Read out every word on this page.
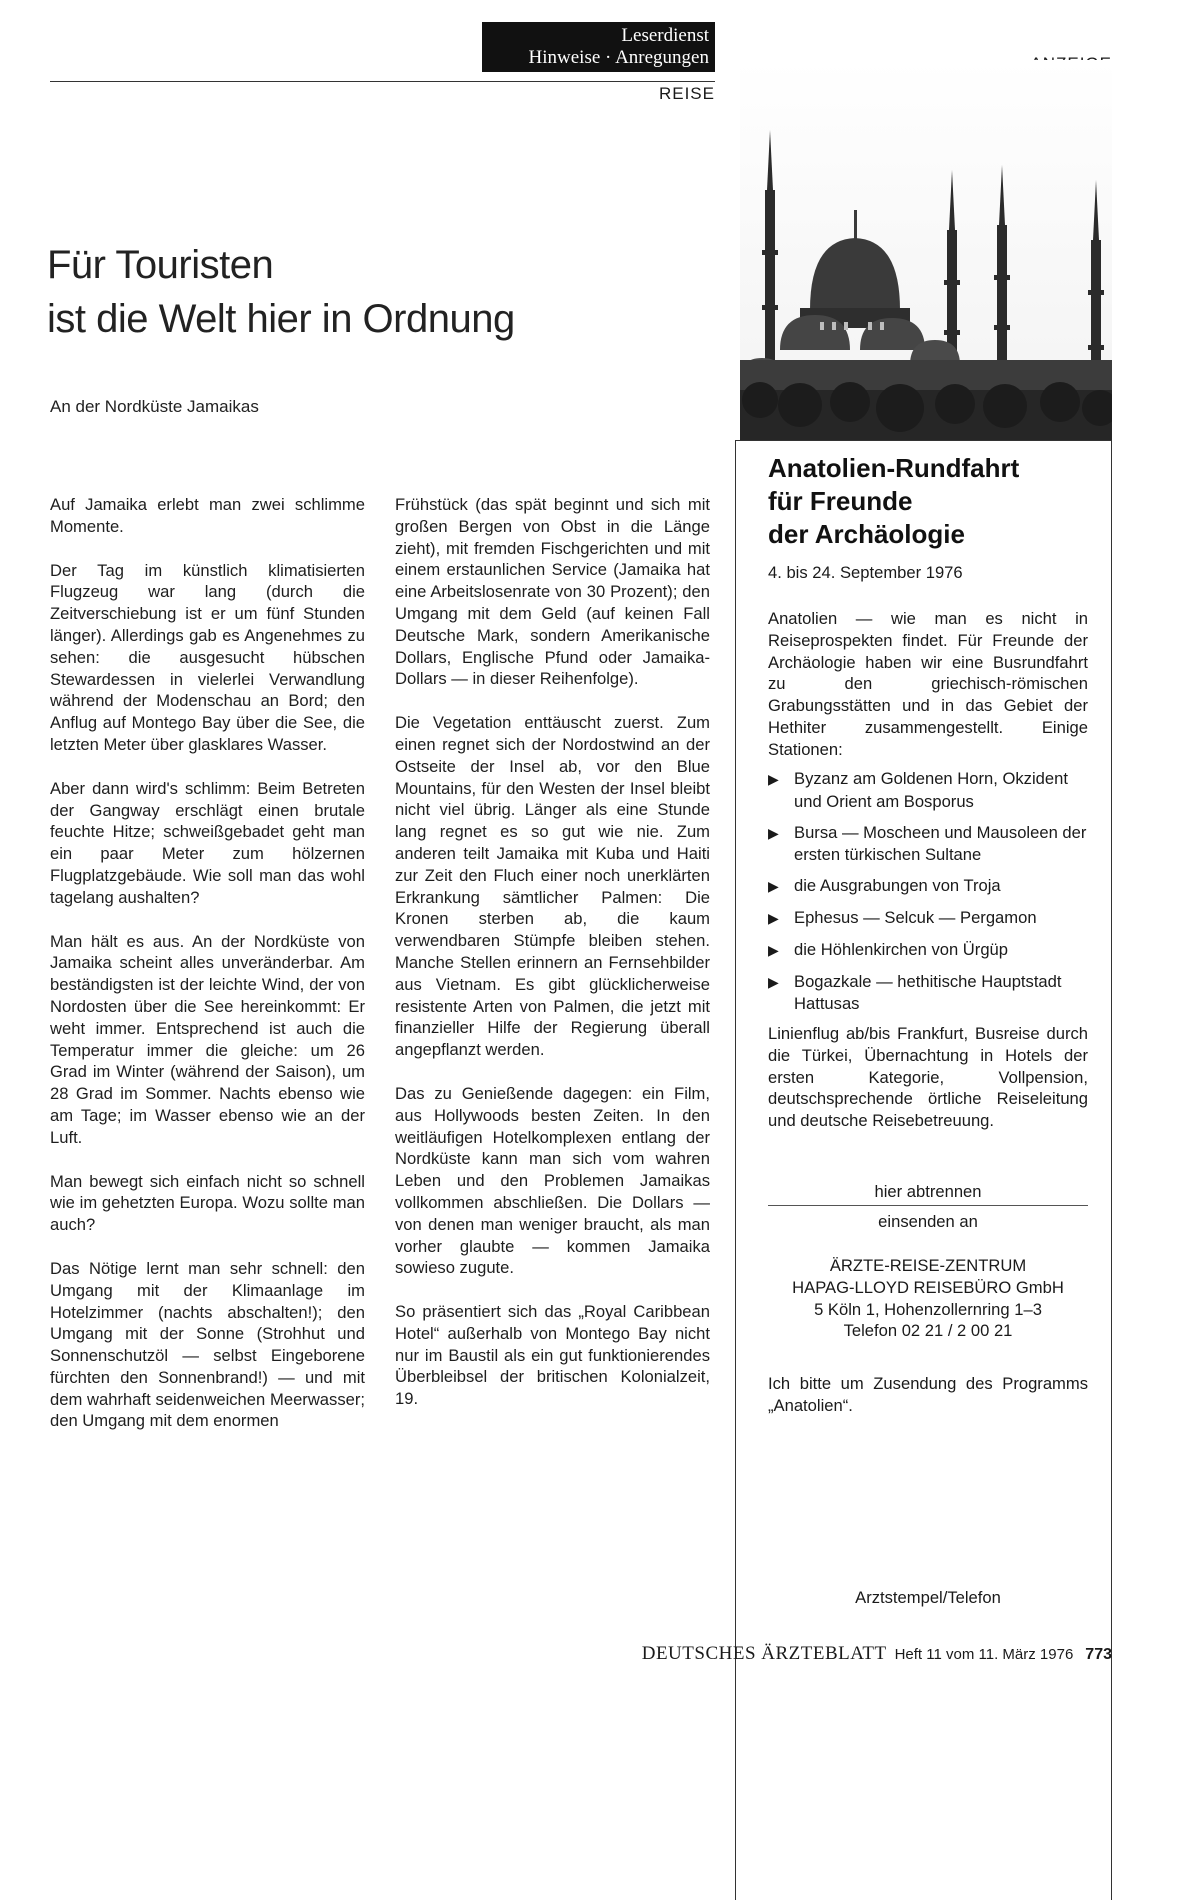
Leserdienst
Hinweise · Anregungen
REISE
Für Touristen
ist die Welt hier in Ordnung
An der Nordküste Jamaikas

Auf Jamaika erlebt man zwei schlimme Momente.

Der Tag im künstlich klimatisierten Flugzeug war lang (durch die Zeitverschiebung ist er um fünf Stunden länger). Allerdings gab es Angenehmes zu sehen: die ausgesucht hübschen Stewardessen in vielerlei Verwandlung während der Modenschau an Bord; den Anflug auf Montego Bay über die See, die letzten Meter über glasklares Wasser.

Aber dann wird's schlimm: Beim Betreten der Gangway erschlägt einen brutale feuchte Hitze; schweißgebadet geht man ein paar Meter zum hölzernen Flugplatzgebäude. Wie soll man das wohl tagelang aushalten?

Man hält es aus. An der Nordküste von Jamaika scheint alles unveränderbar. Am beständigsten ist der leichte Wind, der von Nordosten über die See hereinkommt: Er weht immer. Entsprechend ist auch die Temperatur immer die gleiche: um 26 Grad im Winter (während der Saison), um 28 Grad im Sommer. Nachts ebenso wie am Tage; im Wasser ebenso wie an der Luft.

Man bewegt sich einfach nicht so schnell wie im gehetzten Europa. Wozu sollte man auch?

Das Nötige lernt man sehr schnell: den Umgang mit der Klimaanlage im Hotelzimmer (nachts abschalten!); den Umgang mit der Sonne (Strohhut und Sonnenschutzöl — selbst Eingeborene fürchten den Sonnenbrand!) — und mit dem wahrhaft seidenweichen Meerwasser; den Umgang mit dem enormen

Frühstück (das spät beginnt und sich mit großen Bergen von Obst in die Länge zieht), mit fremden Fischgerichten und mit einem erstaunlichen Service (Jamaika hat eine Arbeitslosenrate von 30 Prozent); den Umgang mit dem Geld (auf keinen Fall Deutsche Mark, sondern Amerikanische Dollars, Englische Pfund oder Jamaika-Dollars — in dieser Reihenfolge).

Die Vegetation enttäuscht zuerst. Zum einen regnet sich der Nordostwind an der Ostseite der Insel ab, vor den Blue Mountains, für den Westen der Insel bleibt nicht viel übrig. Länger als eine Stunde lang regnet es so gut wie nie. Zum anderen teilt Jamaika mit Kuba und Haiti zur Zeit den Fluch einer noch unerklärten Erkrankung sämtlicher Palmen: Die Kronen sterben ab, die kaum verwendbaren Stümpfe bleiben stehen. Manche Stellen erinnern an Fernsehbilder aus Vietnam. Es gibt glücklicherweise resistente Arten von Palmen, die jetzt mit finanzieller Hilfe der Regierung überall angepflanzt werden.

Das zu Genießende dagegen: ein Film, aus Hollywoods besten Zeiten. In den weitläufigen Hotelkomplexen entlang der Nordküste kann man sich vom wahren Leben und den Problemen Jamaikas vollkommen abschließen. Die Dollars — von denen man weniger braucht, als man vorher glaubte — kommen Jamaika sowieso zugute.

So präsentiert sich das „Royal Caribbean Hotel“ außerhalb von Montego Bay nicht nur im Baustil als ein gut funktionierendes Überbleibsel der britischen Kolonialzeit, 19.

Anatolien-Rundfahrt
für Freunde
der Archäologie
4. bis 24. September 1976
Anatolien — wie man es nicht in Reiseprospekten findet. Für Freunde der Archäologie haben wir eine Busrundfahrt zu den griechisch-römischen Grabungsstätten und in das Gebiet der Hethiter zusammengestellt. Einige Stationen:
▶ Byzanz am Goldenen Horn, Okzident und Orient am Bosporus
▶ Bursa — Moscheen und Mausoleen der ersten türkischen Sultane
▶ die Ausgrabungen von Troja
▶ Ephesus — Selcuk — Pergamon
▶ die Höhlenkirchen von Ürgüp
▶ Bogazkale — hethitische Hauptstadt Hattusas
Linienflug ab/bis Frankfurt, Busreise durch die Türkei, Übernachtung in Hotels der ersten Kategorie, Vollpension, deutschsprechende örtliche Reiseleitung und deutsche Reisebetreuung.
hier abtrennen
einsenden an
ÄRZTE-REISE-ZENTRUM
HAPAG-LLOYD REISEBÜRO GmbH
5 Köln 1, Hohenzollernring 1–3
Telefon 02 21 / 2 00 21
Ich bitte um Zusendung des Programms „Anatolien“.
Arztstempel/Telefon
DEUTSCHES ÄRZTEBLATT Heft 11 vom 11. März 1976 773
